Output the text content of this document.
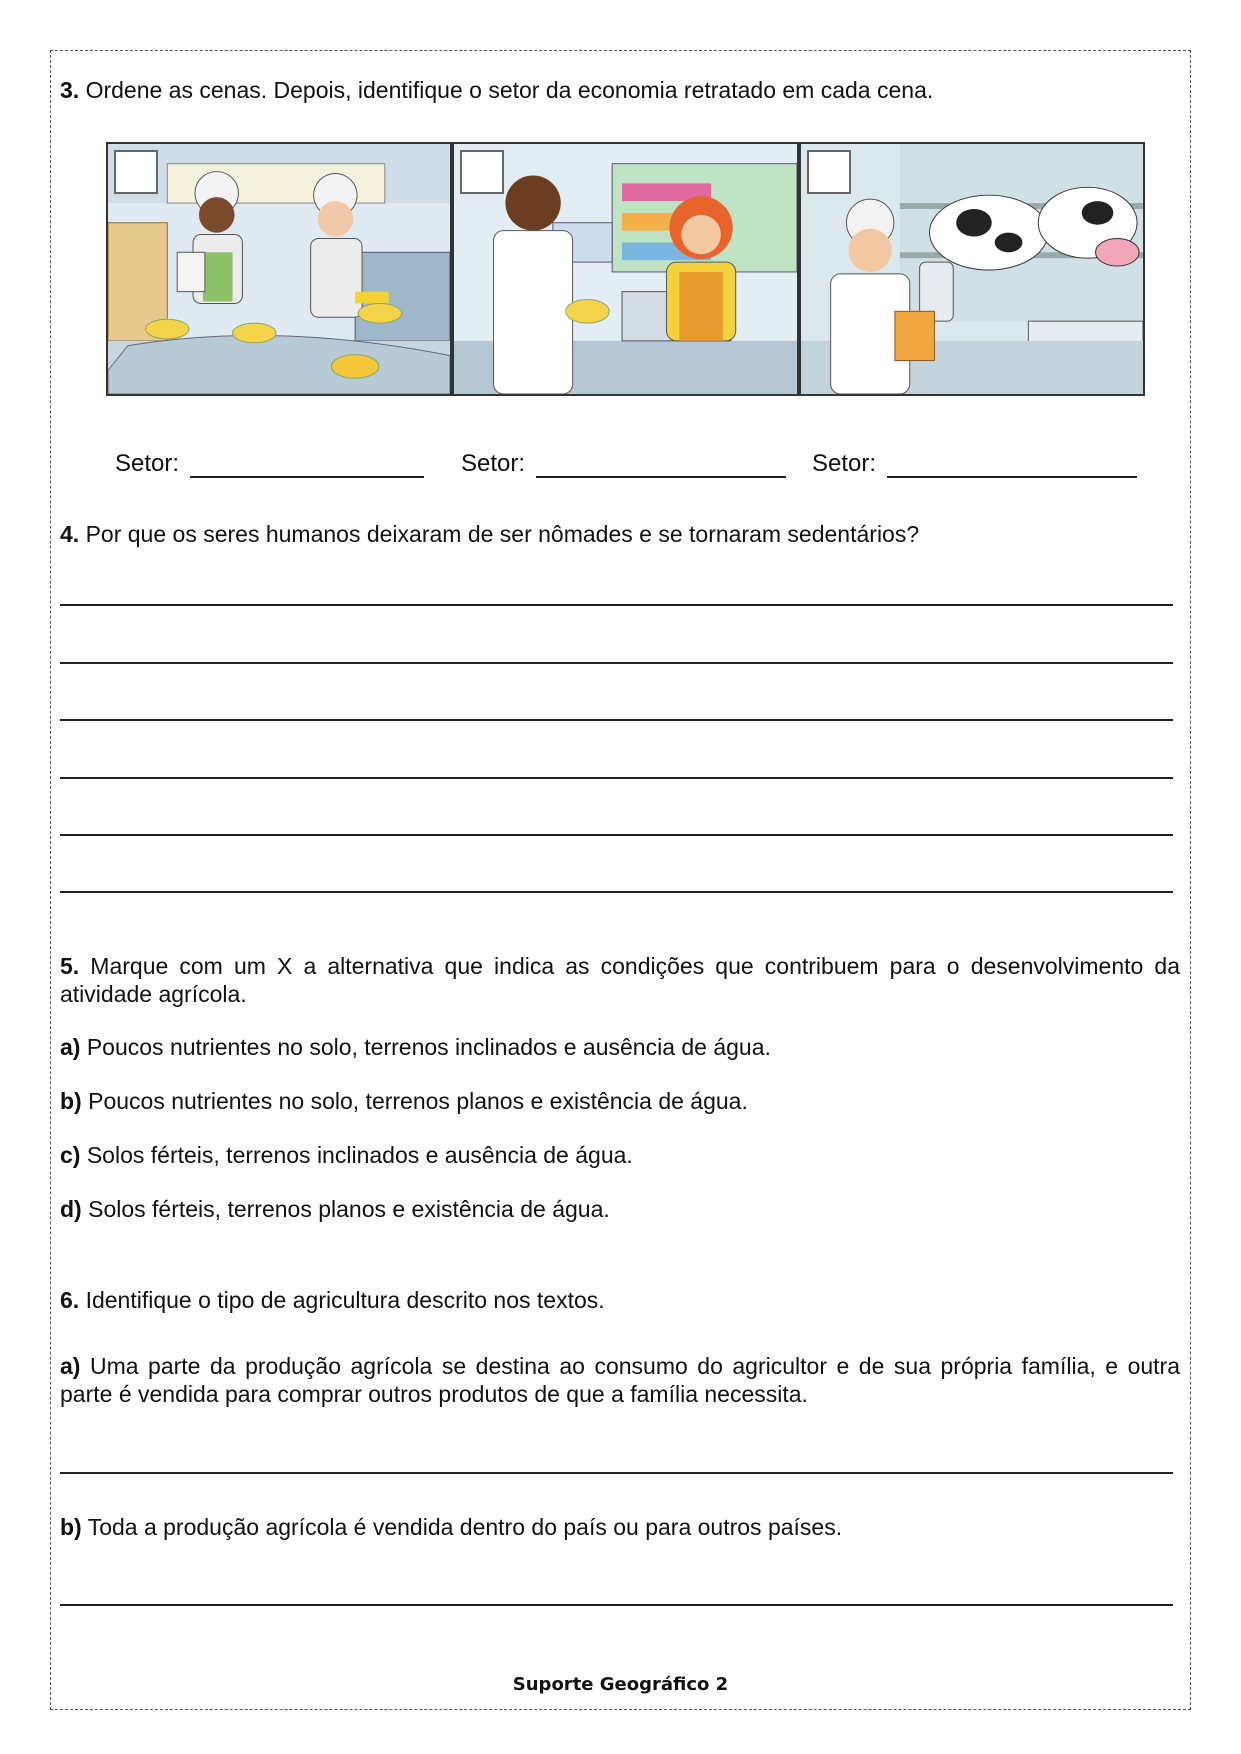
3. Ordene as cenas. Depois, identifique o setor da economia retratado em cada cena.
Setor:	Setor:	Setor:
4. Por que os seres humanos deixaram de ser nômades e se tornaram sedentários?
5. Marque com um X a alternativa que indica as condições que contribuem para o desenvolvimento da atividade agrícola.
a) Poucos nutrientes no solo, terrenos inclinados e ausência de água.
b) Poucos nutrientes no solo, terrenos planos e existência de água.
c) Solos férteis, terrenos inclinados e ausência de água.
d) Solos férteis, terrenos planos e existência de água.
6. Identifique o tipo de agricultura descrito nos textos.
a) Uma parte da produção agrícola se destina ao consumo do agricultor e de sua própria família, e outra parte é vendida para comprar outros produtos de que a família necessita.
b) Toda a produção agrícola é vendida dentro do país ou para outros países.
Suporte Geográfico 2
